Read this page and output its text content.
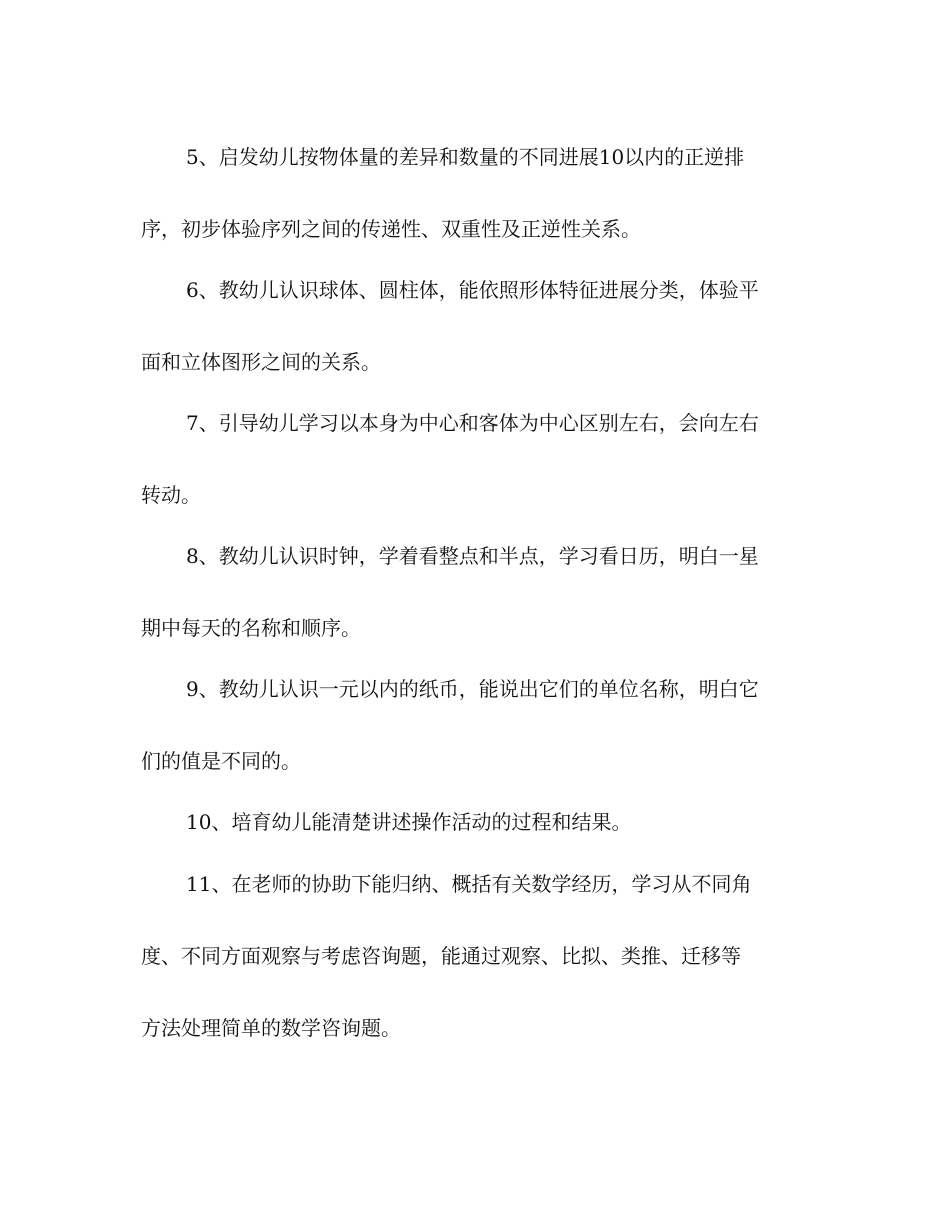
5、启发幼儿按物体量的差异和数量的不同进展10以内的正逆排
序，初步体验序列之间的传递性、双重性及正逆性关系。
6、教幼儿认识球体、圆柱体，能依照形体特征进展分类，体验平
面和立体图形之间的关系。
7、引导幼儿学习以本身为中心和客体为中心区别左右，会向左右
转动。
8、教幼儿认识时钟，学着看整点和半点，学习看日历，明白一星
期中每天的名称和顺序。
9、教幼儿认识一元以内的纸币，能说出它们的单位名称，明白它
们的值是不同的。
10、培育幼儿能清楚讲述操作活动的过程和结果。
11、在老师的协助下能归纳、概括有关数学经历，学习从不同角
度、不同方面观察与考虑咨询题，能通过观察、比拟、类推、迁移等
方法处理简单的数学咨询题。
